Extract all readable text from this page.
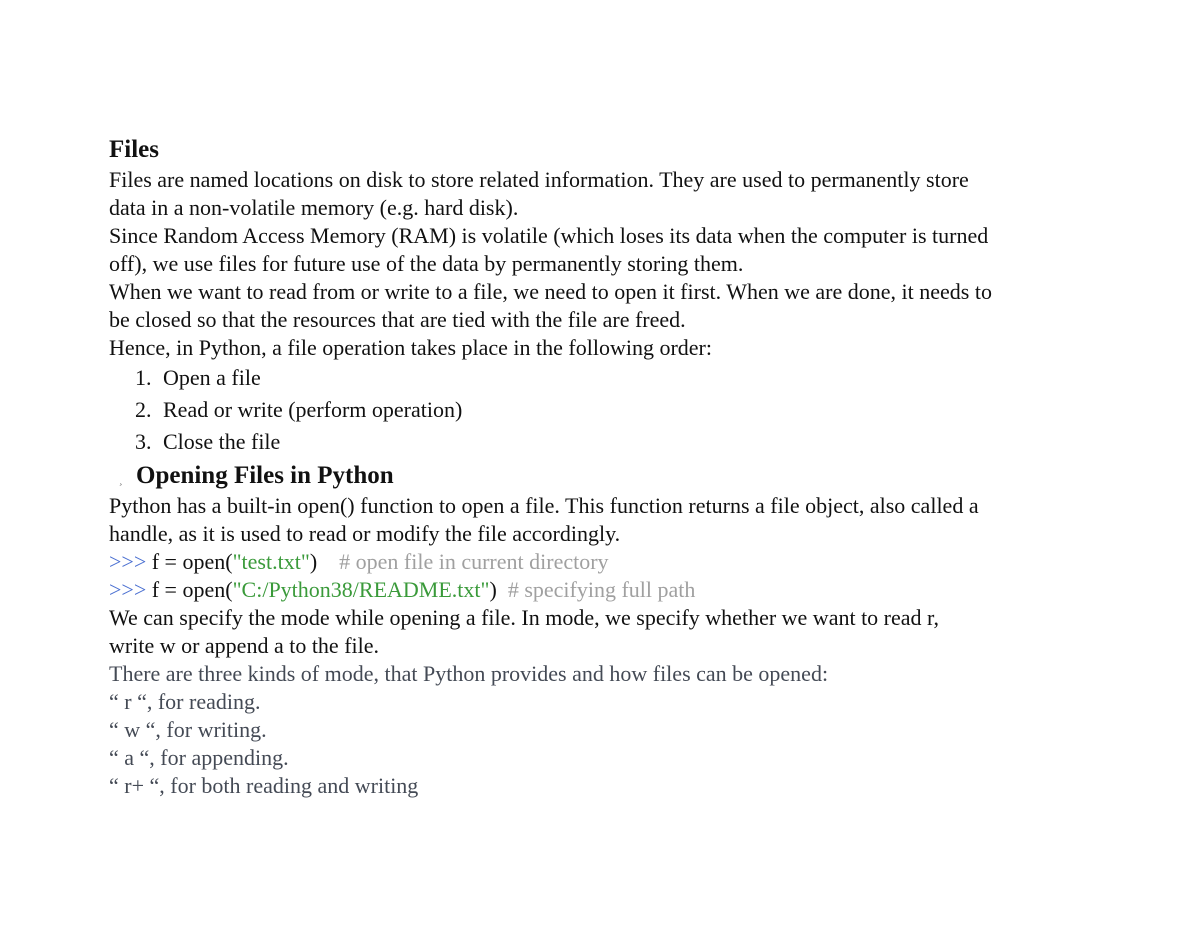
Files

Files are named locations on disk to store related information. They are used to permanently store

data in a non-volatile memory (e.g. hard disk).

Since Random Access Memory (RAM) is volatile (which loses its data when the computer is turned

off), we use files for future use of the data by permanently storing them.

When we want to read from or write to a file, we need to open it first. When we are done, it needs to

be closed so that the resources that are tied with the file are freed.

Hence, in Python, a file operation takes place in the following order:

1. Open a file
2. Read or write (perform operation)
3. Close the file
¸ Opening Files in Python

Python has a built-in open() function to open a file. This function returns a file object, also called a

handle, as it is used to read or modify the file accordingly.

>>> f = open("test.txt")    # open file in current directory

>>> f = open("C:/Python38/README.txt")  # specifying full path

We can specify the mode while opening a file. In mode, we specify whether we want to read r,

write w or append a to the file.

There are three kinds of mode, that Python provides and how files can be opened:

“ r “, for reading.

“ w “, for writing.

“ a “, for appending.

“ r+ “, for both reading and writing
